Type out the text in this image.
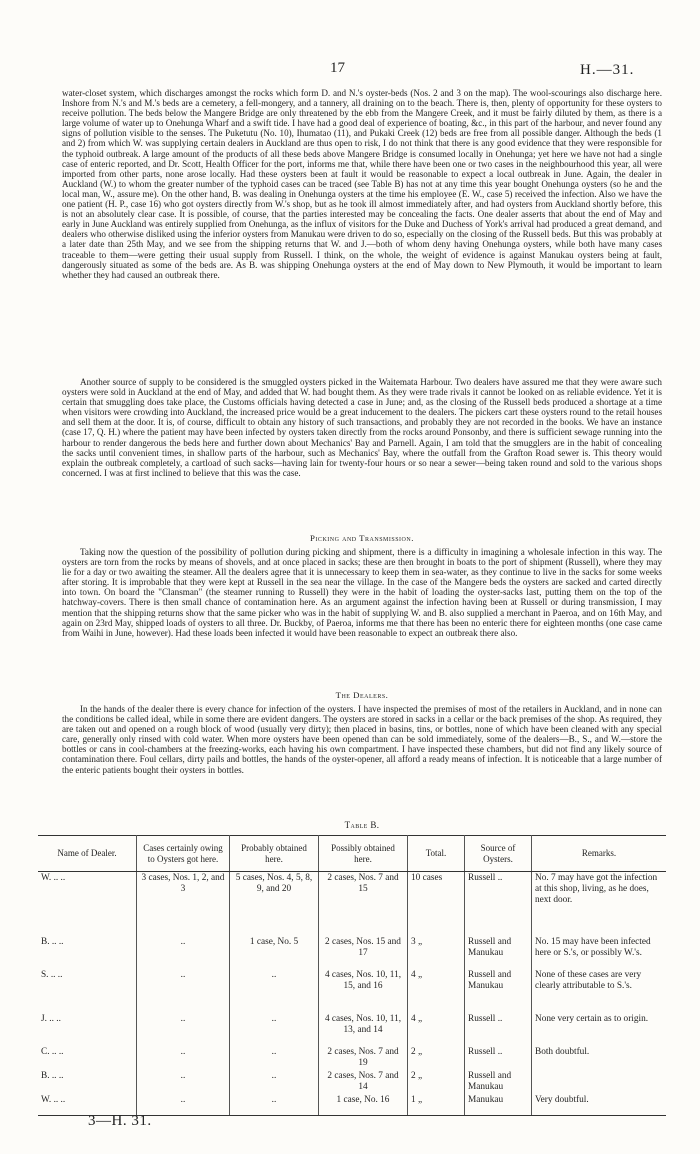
17	H.—31.

water-closet system, which discharges amongst the rocks which form D. and N.'s oyster-beds (Nos. 2 and 3 on the map). The wool-scourings also discharge here. Inshore from N.'s and M.'s beds are a cemetery, a fell-mongery, and a tannery, all draining on to the beach. There is, then, plenty of opportunity for these oysters to receive pollution. The beds below the Mangere Bridge are only threatened by the ebb from the Mangere Creek, and it must be fairly diluted by them, as there is a large volume of water up to Onehunga Wharf and a swift tide. I have had a good deal of experience of boating, &c., in this part of the harbour, and never found any signs of pollution visible to the senses. The Puketutu (No. 10), Ihumatao (11), and Pukaki Creek (12) beds are free from all possible danger. Although the beds (1 and 2) from which W. was supplying certain dealers in Auckland are thus open to risk, I do not think that there is any good evidence that they were responsible for the typhoid outbreak. A large amount of the products of all these beds above Mangere Bridge is consumed locally in Onehunga; yet here we have not had a single case of enteric reported, and Dr. Scott, Health Officer for the port, informs me that, while there have been one or two cases in the neighbourhood this year, all were imported from other parts, none arose locally. Had these oysters been at fault it would be reasonable to expect a local outbreak in June. Again, the dealer in Auckland (W.) to whom the greater number of the typhoid cases can be traced (see Table B) has not at any time this year bought Onehunga oysters (so he and the local man, W., assure me). On the other hand, B. was dealing in Onehunga oysters at the time his employee (E. W., case 5) received the infection. Also we have the one patient (H. P., case 16) who got oysters directly from W.'s shop, but as he took ill almost immediately after, and had oysters from Auckland shortly before, this is not an absolutely clear case. It is possible, of course, that the parties interested may be concealing the facts. One dealer asserts that about the end of May and early in June Auckland was entirely supplied from Onehunga, as the influx of visitors for the Duke and Duchess of York's arrival had produced a great demand, and dealers who otherwise disliked using the inferior oysters from Manukau were driven to do so, especially on the closing of the Russell beds. But this was probably at a later date than 25th May, and we see from the shipping returns that W. and J.—both of whom deny having Onehunga oysters, while both have many cases traceable to them—were getting their usual supply from Russell. I think, on the whole, the weight of evidence is against Manukau oysters being at fault, dangerously situated as some of the beds are. As B. was shipping Onehunga oysters at the end of May down to New Plymouth, it would be important to learn whether they had caused an outbreak there.

Another source of supply to be considered is the smuggled oysters picked in the Waitemata Harbour. Two dealers have assured me that they were aware such oysters were sold in Auckland at the end of May, and added that W. had bought them. As they were trade rivals it cannot be looked on as reliable evidence. Yet it is certain that smuggling does take place, the Customs officials having detected a case in June; and, as the closing of the Russell beds produced a shortage at a time when visitors were crowding into Auckland, the increased price would be a great inducement to the dealers. The pickers cart these oysters round to the retail houses and sell them at the door. It is, of course, difficult to obtain any history of such transactions, and probably they are not recorded in the books. We have an instance (case 17, Q. H.) where the patient may have been infected by oysters taken directly from the rocks around Ponsonby, and there is sufficient sewage running into the harbour to render dangerous the beds here and further down about Mechanics' Bay and Parnell. Again, I am told that the smugglers are in the habit of concealing the sacks until convenient times, in shallow parts of the harbour, such as Mechanics' Bay, where the outfall from the Grafton Road sewer is. This theory would explain the outbreak completely, a cartload of such sacks—having lain for twenty-four hours or so near a sewer—being taken round and sold to the various shops concerned. I was at first inclined to believe that this was the case.

Picking and Transmission.

Taking now the question of the possibility of pollution during picking and shipment, there is a difficulty in imagining a wholesale infection in this way. The oysters are torn from the rocks by means of shovels, and at once placed in sacks; these are then brought in boats to the port of shipment (Russell), where they may lie for a day or two awaiting the steamer. All the dealers agree that it is unnecessary to keep them in sea-water, as they continue to live in the sacks for some weeks after storing. It is improbable that they were kept at Russell in the sea near the village. In the case of the Mangere beds the oysters are sacked and carted directly into town. On board the "Clansman" (the steamer running to Russell) they were in the habit of loading the oyster-sacks last, putting them on the top of the hatchway-covers. There is then small chance of contamination here. As an argument against the infection having been at Russell or during transmission, I may mention that the shipping returns show that the same picker who was in the habit of supplying W. and B. also supplied a merchant in Paeroa, and on 16th May, and again on 23rd May, shipped loads of oysters to all three. Dr. Buckby, of Paeroa, informs me that there has been no enteric there for eighteen months (one case came from Waihi in June, however). Had these loads been infected it would have been reasonable to expect an outbreak there also.

The Dealers.

In the hands of the dealer there is every chance for infection of the oysters. I have inspected the premises of most of the retailers in Auckland, and in none can the conditions be called ideal, while in some there are evident dangers. The oysters are stored in sacks in a cellar or the back premises of the shop. As required, they are taken out and opened on a rough block of wood (usually very dirty); then placed in basins, tins, or bottles, none of which have been cleaned with any special care, generally only rinsed with cold water. When more oysters have been opened than can be sold immediately, some of the dealers—B., S., and W.—store the bottles or cans in cool-chambers at the freezing-works, each having his own compartment. I have inspected these chambers, but did not find any likely source of contamination there. Foul cellars, dirty pails and bottles, the hands of the oyster-opener, all afford a ready means of infection. It is noticeable that a large number of the enteric patients bought their oysters in bottles.

Table B.

Name of Dealer.	Cases certainly owing to Oysters got here.	Probably obtained here.	Possibly obtained here.	Total.	Source of Oysters.	Remarks.
W. .. ..	3 cases, Nos. 1, 2, and 3	5 cases, Nos. 4, 5, 8, 9, and 20	2 cases, Nos. 7 and 15	10 cases	Russell ..	No. 7 may have got the infection at this shop, living, as he does, next door.
B. .. ..	..	1 case, No. 5	2 cases, Nos. 15 and 17	3 „	Russell and Manukau	No. 15 may have been infected here or S.'s, or possibly W.'s.
S. .. ..	..	..	4 cases, Nos. 10, 11, 15, and 16	4 „	Russell and Manukau	None of these cases are very clearly attributable to S.'s.
J. .. ..	..	..	4 cases, Nos. 10, 11, 13, and 14	4 „	Russell ..	None very certain as to origin.
C. .. ..	..	..	2 cases, Nos. 7 and 19	2 „	Russell ..	Both doubtful.
B. .. ..	..	..	2 cases, Nos. 7 and 14	2 „	Russell and Manukau	
W. .. ..	..	..	1 case, No. 16	1 „	Manukau	Very doubtful.
3—H. 31.
